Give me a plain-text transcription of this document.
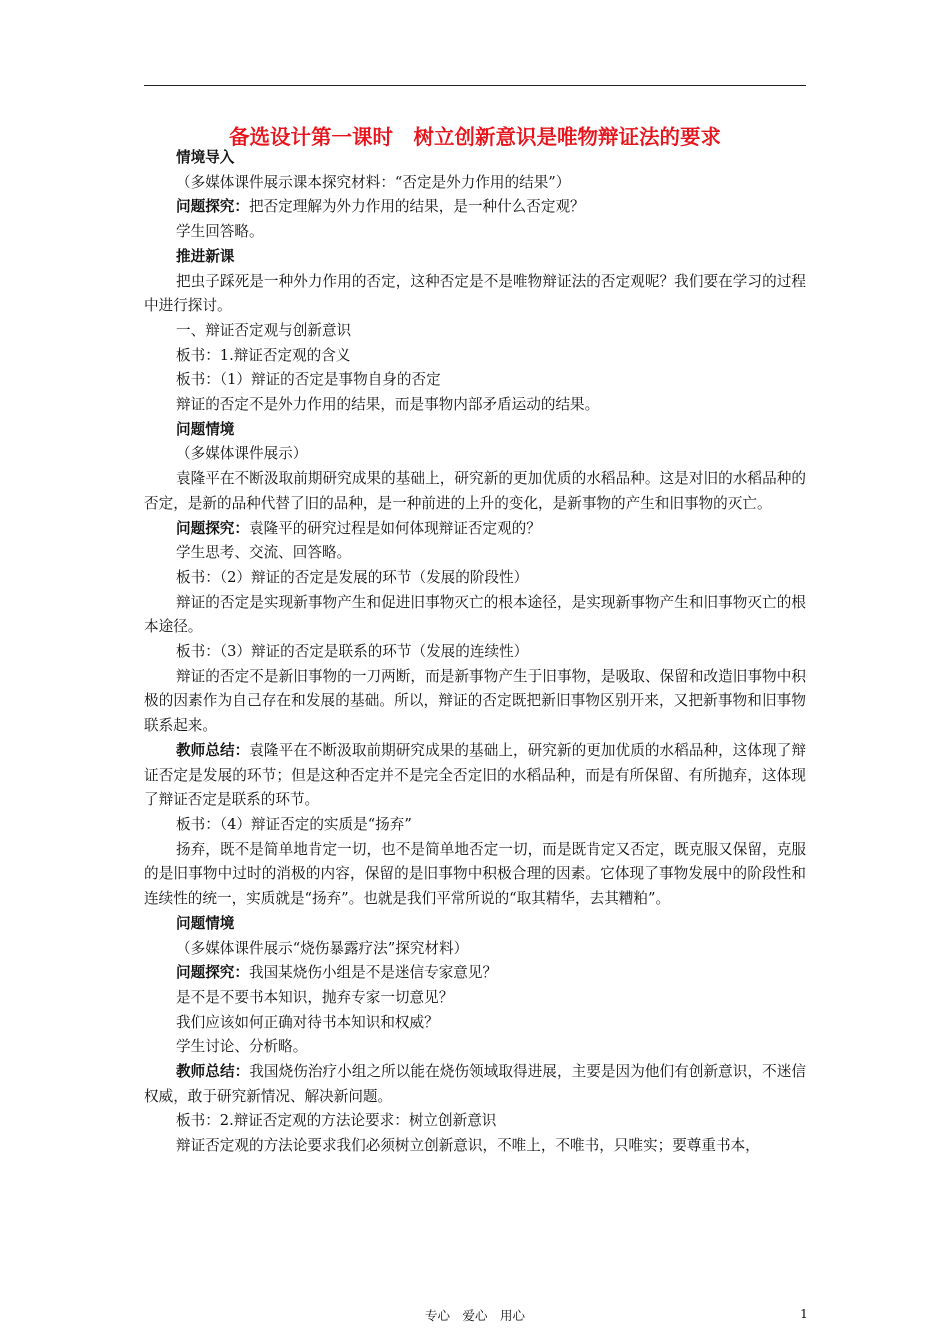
备选设计第一课时　树立创新意识是唯物辩证法的要求
情境导入
（多媒体课件展示课本探究材料：“否定是外力作用的结果”）
问题探究：把否定理解为外力作用的结果，是一种什么否定观？
学生回答略。
推进新课
把虫子踩死是一种外力作用的否定，这种否定是不是唯物辩证法的否定观呢？我们要在学习的过程中进行探讨。
一、辩证否定观与创新意识
板书：1.辩证否定观的含义
板书：（1）辩证的否定是事物自身的否定
辩证的否定不是外力作用的结果，而是事物内部矛盾运动的结果。
问题情境
（多媒体课件展示）
袁隆平在不断汲取前期研究成果的基础上，研究新的更加优质的水稻品种。这是对旧的水稻品种的否定，是新的品种代替了旧的品种，是一种前进的上升的变化，是新事物的产生和旧事物的灭亡。
问题探究：袁隆平的研究过程是如何体现辩证否定观的？
学生思考、交流、回答略。
板书：（2）辩证的否定是发展的环节（发展的阶段性）
辩证的否定是实现新事物产生和促进旧事物灭亡的根本途径，是实现新事物产生和旧事物灭亡的根本途径。
板书：（3）辩证的否定是联系的环节（发展的连续性）
辩证的否定不是新旧事物的一刀两断，而是新事物产生于旧事物，是吸取、保留和改造旧事物中积极的因素作为自己存在和发展的基础。所以，辩证的否定既把新旧事物区别开来，又把新事物和旧事物联系起来。
教师总结：袁隆平在不断汲取前期研究成果的基础上，研究新的更加优质的水稻品种，这体现了辩证否定是发展的环节；但是这种否定并不是完全否定旧的水稻品种，而是有所保留、有所抛弃，这体现了辩证否定是联系的环节。
板书：（4）辩证否定的实质是“扬弃”
扬弃，既不是简单地肯定一切，也不是简单地否定一切，而是既肯定又否定，既克服又保留，克服的是旧事物中过时的消极的内容，保留的是旧事物中积极合理的因素。它体现了事物发展中的阶段性和连续性的统一，实质就是“扬弃”。也就是我们平常所说的“取其精华，去其糟粕”。
问题情境
（多媒体课件展示“烧伤暴露疗法”探究材料）
问题探究：我国某烧伤小组是不是迷信专家意见？
是不是不要书本知识，抛弃专家一切意见？
我们应该如何正确对待书本知识和权威？
学生讨论、分析略。
教师总结：我国烧伤治疗小组之所以能在烧伤领域取得进展，主要是因为他们有创新意识，不迷信权威，敢于研究新情况、解决新问题。
板书：2.辩证否定观的方法论要求：树立创新意识
辩证否定观的方法论要求我们必须树立创新意识，不唯上，不唯书，只唯实；要尊重书本，
专心　爱心　用心	1
